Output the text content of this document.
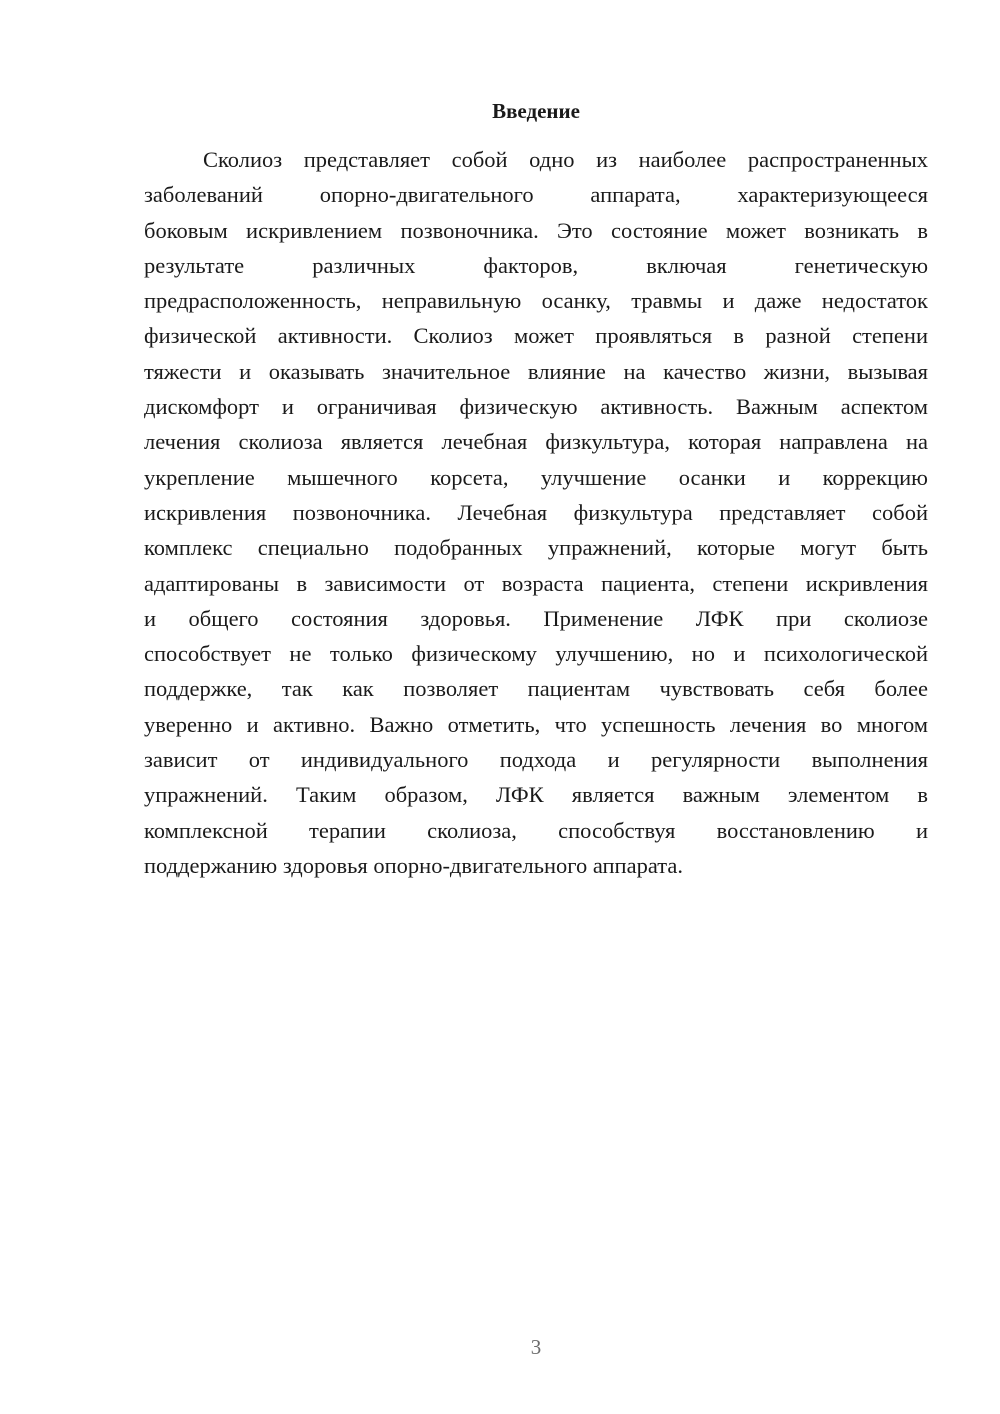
Введение
Сколиоз представляет собой одно из наиболее распространенных
заболеваний опорно-двигательного аппарата, характеризующееся
боковым искривлением позвоночника. Это состояние может возникать в
результате различных факторов, включая генетическую
предрасположенность, неправильную осанку, травмы и даже недостаток
физической активности. Сколиоз может проявляться в разной степени
тяжести и оказывать значительное влияние на качество жизни, вызывая
дискомфорт и ограничивая физическую активность. Важным аспектом
лечения сколиоза является лечебная физкультура, которая направлена на
укрепление мышечного корсета, улучшение осанки и коррекцию
искривления позвоночника. Лечебная физкультура представляет собой
комплекс специально подобранных упражнений, которые могут быть
адаптированы в зависимости от возраста пациента, степени искривления
и общего состояния здоровья. Применение ЛФК при сколиозе
способствует не только физическому улучшению, но и психологической
поддержке, так как позволяет пациентам чувствовать себя более
уверенно и активно. Важно отметить, что успешность лечения во многом
зависит от индивидуального подхода и регулярности выполнения
упражнений. Таким образом, ЛФК является важным элементом в
комплексной терапии сколиоза, способствуя восстановлению и
поддержанию здоровья опорно-двигательного аппарата.
3
